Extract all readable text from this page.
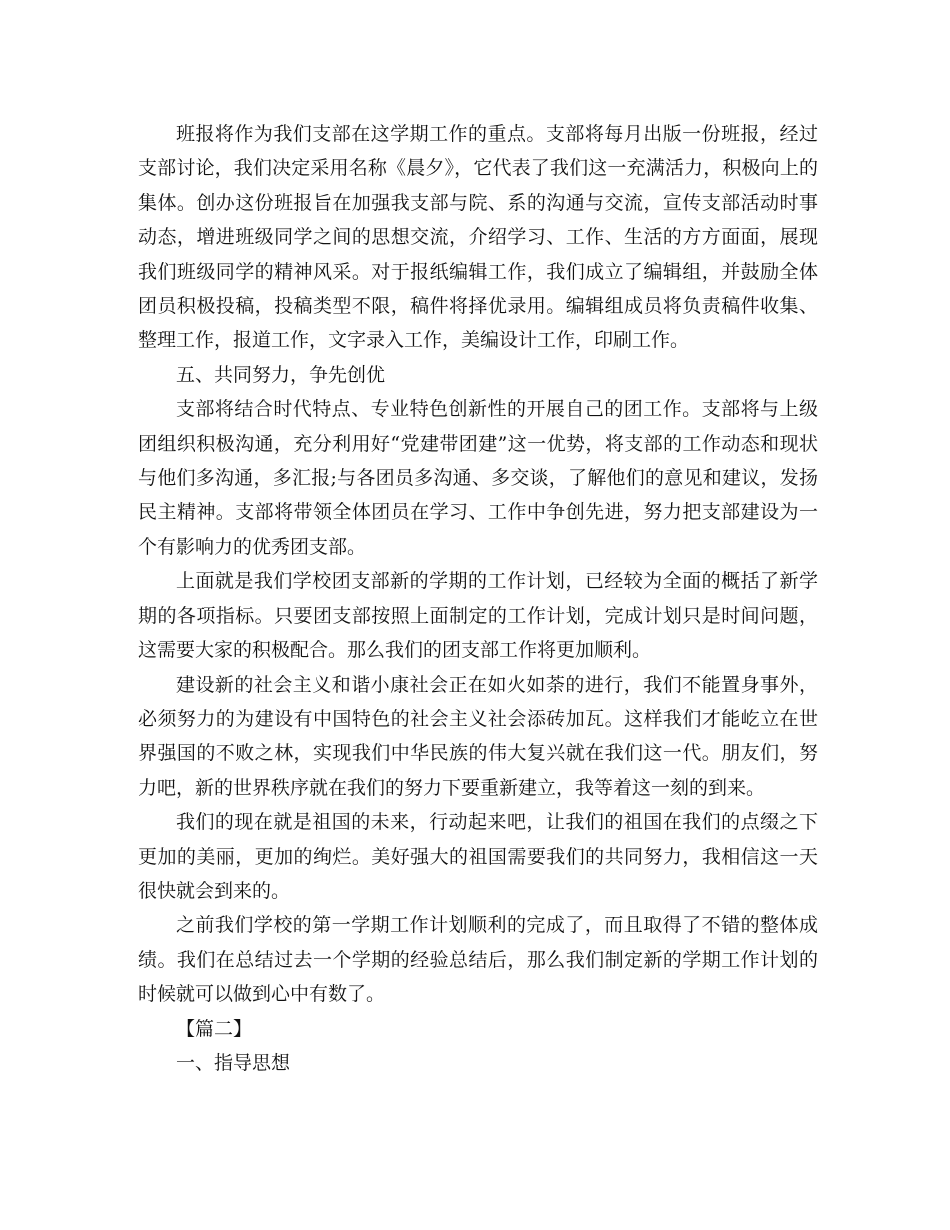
班报将作为我们支部在这学期工作的重点。支部将每月出版一份班报，经过支部讨论，我们决定采用名称《晨夕》，它代表了我们这一充满活力，积极向上的集体。创办这份班报旨在加强我支部与院、系的沟通与交流，宣传支部活动时事动态，增进班级同学之间的思想交流，介绍学习、工作、生活的方方面面，展现我们班级同学的精神风采。对于报纸编辑工作，我们成立了编辑组，并鼓励全体团员积极投稿，投稿类型不限，稿件将择优录用。编辑组成员将负责稿件收集、整理工作，报道工作，文字录入工作，美编设计工作，印刷工作。

五、共同努力，争先创优

支部将结合时代特点、专业特色创新性的开展自己的团工作。支部将与上级团组织积极沟通，充分利用好“党建带团建”这一优势，将支部的工作动态和现状与他们多沟通，多汇报;与各团员多沟通、多交谈，了解他们的意见和建议，发扬民主精神。支部将带领全体团员在学习、工作中争创先进，努力把支部建设为一个有影响力的优秀团支部。

上面就是我们学校团支部新的学期的工作计划，已经较为全面的概括了新学期的各项指标。只要团支部按照上面制定的工作计划，完成计划只是时间问题，这需要大家的积极配合。那么我们的团支部工作将更加顺利。

建设新的社会主义和谐小康社会正在如火如荼的进行，我们不能置身事外，必须努力的为建设有中国特色的社会主义社会添砖加瓦。这样我们才能屹立在世界强国的不败之林，实现我们中华民族的伟大复兴就在我们这一代。朋友们，努力吧，新的世界秩序就在我们的努力下要重新建立，我等着这一刻的到来。

我们的现在就是祖国的未来，行动起来吧，让我们的祖国在我们的点缀之下更加的美丽，更加的绚烂。美好强大的祖国需要我们的共同努力，我相信这一天很快就会到来的。

之前我们学校的第一学期工作计划顺利的完成了，而且取得了不错的整体成绩。我们在总结过去一个学期的经验总结后，那么我们制定新的学期工作计划的时候就可以做到心中有数了。

【篇二】

一、指导思想
